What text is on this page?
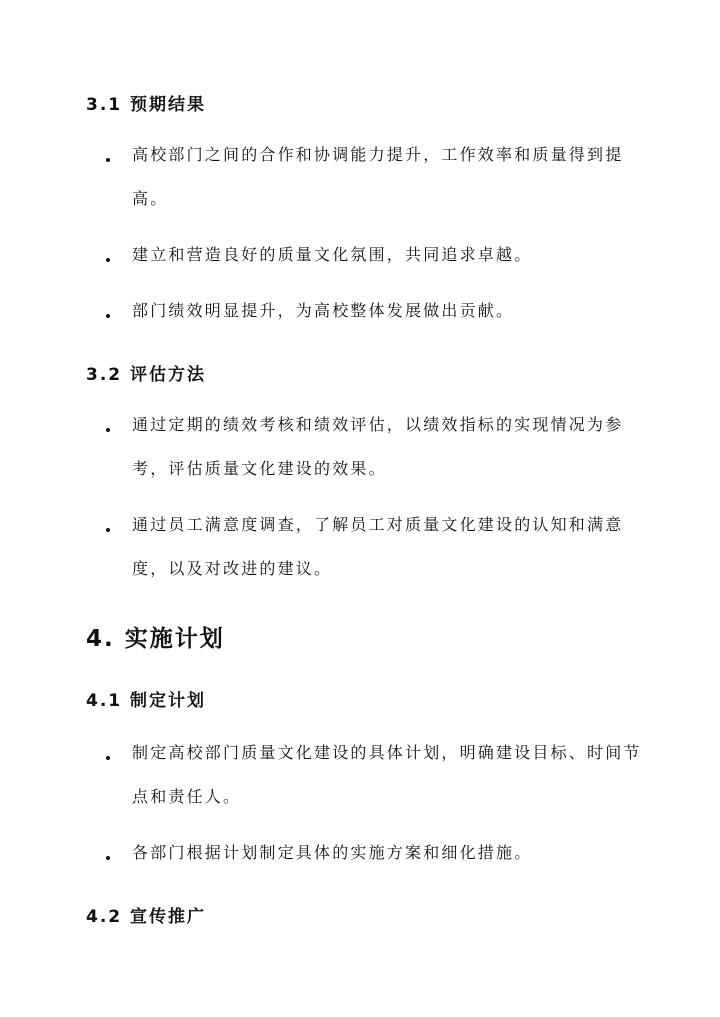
3.1 预期结果
高校部门之间的合作和协调能力提升，工作效率和质量得到提高。
建立和营造良好的质量文化氛围，共同追求卓越。
部门绩效明显提升，为高校整体发展做出贡献。
3.2 评估方法
通过定期的绩效考核和绩效评估，以绩效指标的实现情况为参考，评估质量文化建设的效果。
通过员工满意度调查，了解员工对质量文化建设的认知和满意度，以及对改进的建议。
4. 实施计划
4.1 制定计划
制定高校部门质量文化建设的具体计划，明确建设目标、时间节点和责任人。
各部门根据计划制定具体的实施方案和细化措施。
4.2 宣传推广
